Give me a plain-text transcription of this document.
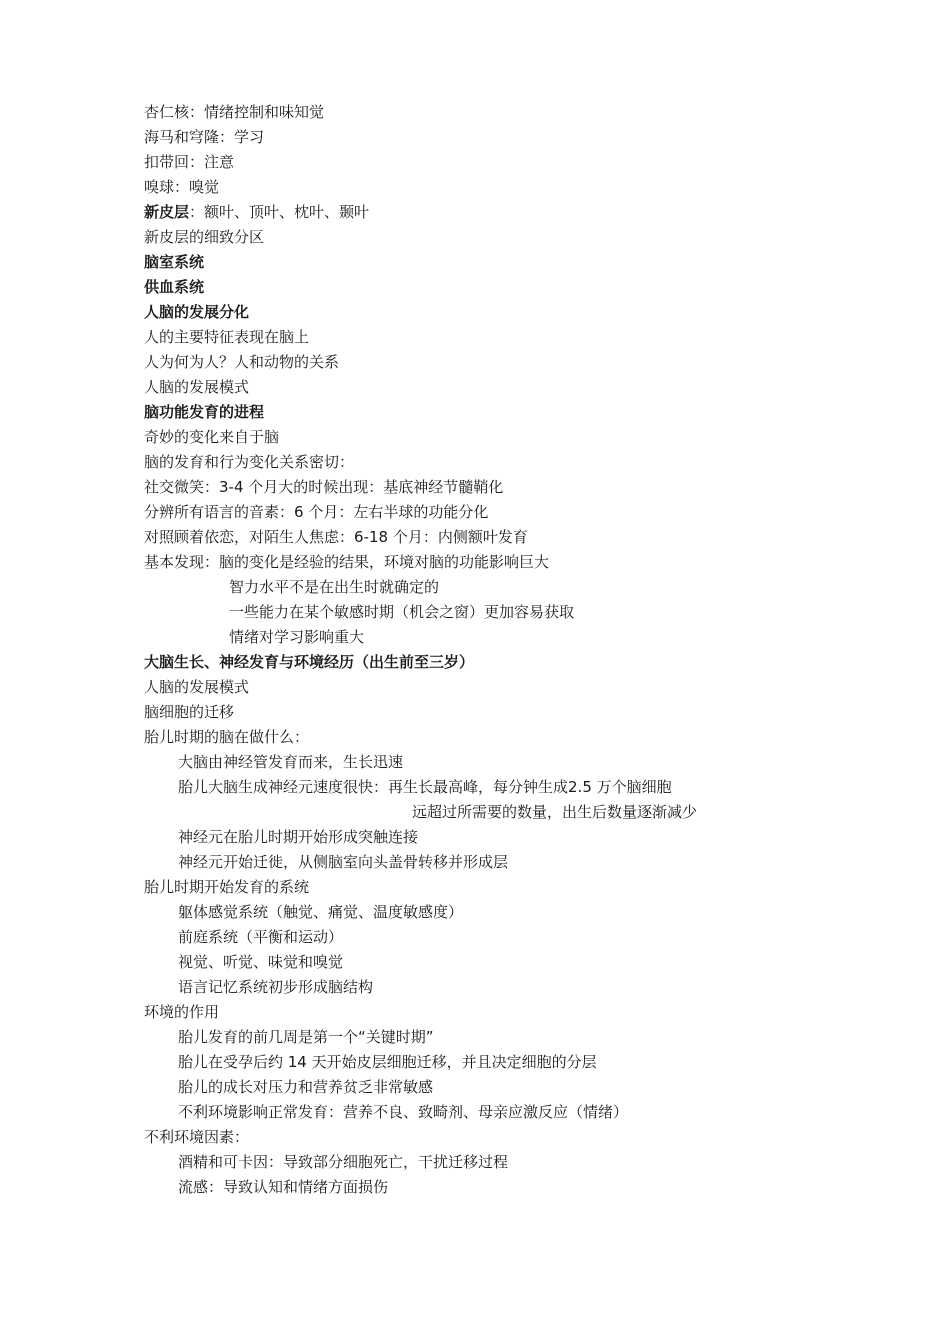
杏仁核：情绪控制和味知觉
海马和穹隆：学习
扣带回：注意
嗅球：嗅觉
新皮层：额叶、顶叶、枕叶、颞叶
新皮层的细致分区
脑室系统
供血系统
人脑的发展分化
人的主要特征表现在脑上
人为何为人？人和动物的关系
人脑的发展模式
脑功能发育的进程
奇妙的变化来自于脑
脑的发育和行为变化关系密切：
社交微笑：3-4 个月大的时候出现：基底神经节髓鞘化
分辨所有语言的音素：6 个月：左右半球的功能分化
对照顾着依恋，对陌生人焦虑：6-18 个月：内侧额叶发育
基本发现：脑的变化是经验的结果，环境对脑的功能影响巨大
智力水平不是在出生时就确定的
一些能力在某个敏感时期（机会之窗）更加容易获取
情绪对学习影响重大
大脑生长、神经发育与环境经历（出生前至三岁）
人脑的发展模式
脑细胞的迁移
胎儿时期的脑在做什么：
大脑由神经管发育而来，生长迅速
胎儿大脑生成神经元速度很快：再生长最高峰，每分钟生成2.5 万个脑细胞
远超过所需要的数量，出生后数量逐渐减少
神经元在胎儿时期开始形成突触连接
神经元开始迁徙，从侧脑室向头盖骨转移并形成层
胎儿时期开始发育的系统
躯体感觉系统（触觉、痛觉、温度敏感度）
前庭系统（平衡和运动）
视觉、听觉、味觉和嗅觉
语言记忆系统初步形成脑结构
环境的作用
胎儿发育的前几周是第一个“关键时期”
胎儿在受孕后约 14 天开始皮层细胞迁移，并且决定细胞的分层
胎儿的成长对压力和营养贫乏非常敏感
不利环境影响正常发育：营养不良、致畸剂、母亲应激反应（情绪）
不利环境因素：
酒精和可卡因：导致部分细胞死亡，干扰迁移过程
流感：导致认知和情绪方面损伤
